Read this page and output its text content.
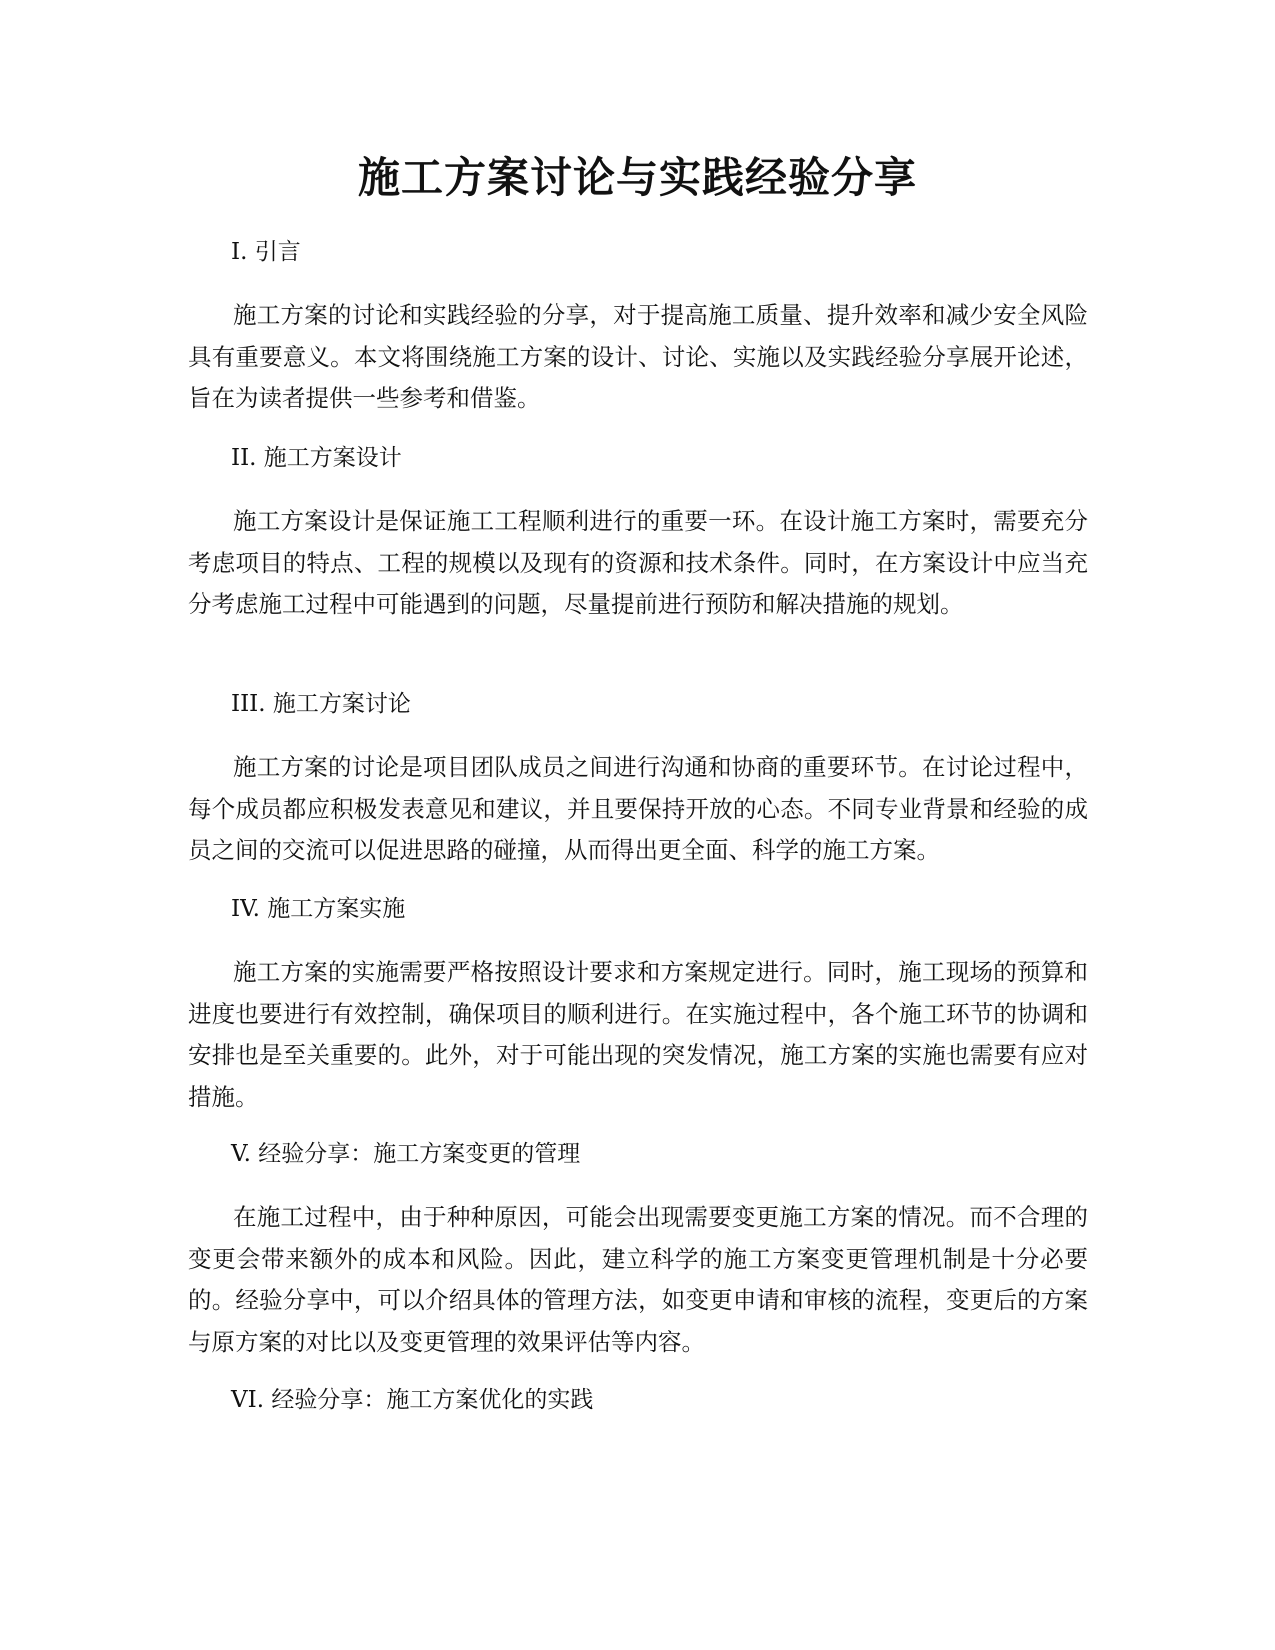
施工方案讨论与实践经验分享
I. 引言

施工方案的讨论和实践经验的分享，对于提高施工质量、提升效率和减少安全风险具有重要意义。本文将围绕施工方案的设计、讨论、实施以及实践经验分享展开论述，旨在为读者提供一些参考和借鉴。

II. 施工方案设计

施工方案设计是保证施工工程顺利进行的重要一环。在设计施工方案时，需要充分考虑项目的特点、工程的规模以及现有的资源和技术条件。同时，在方案设计中应当充分考虑施工过程中可能遇到的问题，尽量提前进行预防和解决措施的规划。

III. 施工方案讨论

施工方案的讨论是项目团队成员之间进行沟通和协商的重要环节。在讨论过程中，每个成员都应积极发表意见和建议，并且要保持开放的心态。不同专业背景和经验的成员之间的交流可以促进思路的碰撞，从而得出更全面、科学的施工方案。

IV. 施工方案实施

施工方案的实施需要严格按照设计要求和方案规定进行。同时，施工现场的预算和进度也要进行有效控制，确保项目的顺利进行。在实施过程中，各个施工环节的协调和安排也是至关重要的。此外，对于可能出现的突发情况，施工方案的实施也需要有应对措施。

V. 经验分享：施工方案变更的管理

在施工过程中，由于种种原因，可能会出现需要变更施工方案的情况。而不合理的变更会带来额外的成本和风险。因此，建立科学的施工方案变更管理机制是十分必要的。经验分享中，可以介绍具体的管理方法，如变更申请和审核的流程，变更后的方案与原方案的对比以及变更管理的效果评估等内容。

VI. 经验分享：施工方案优化的实践
